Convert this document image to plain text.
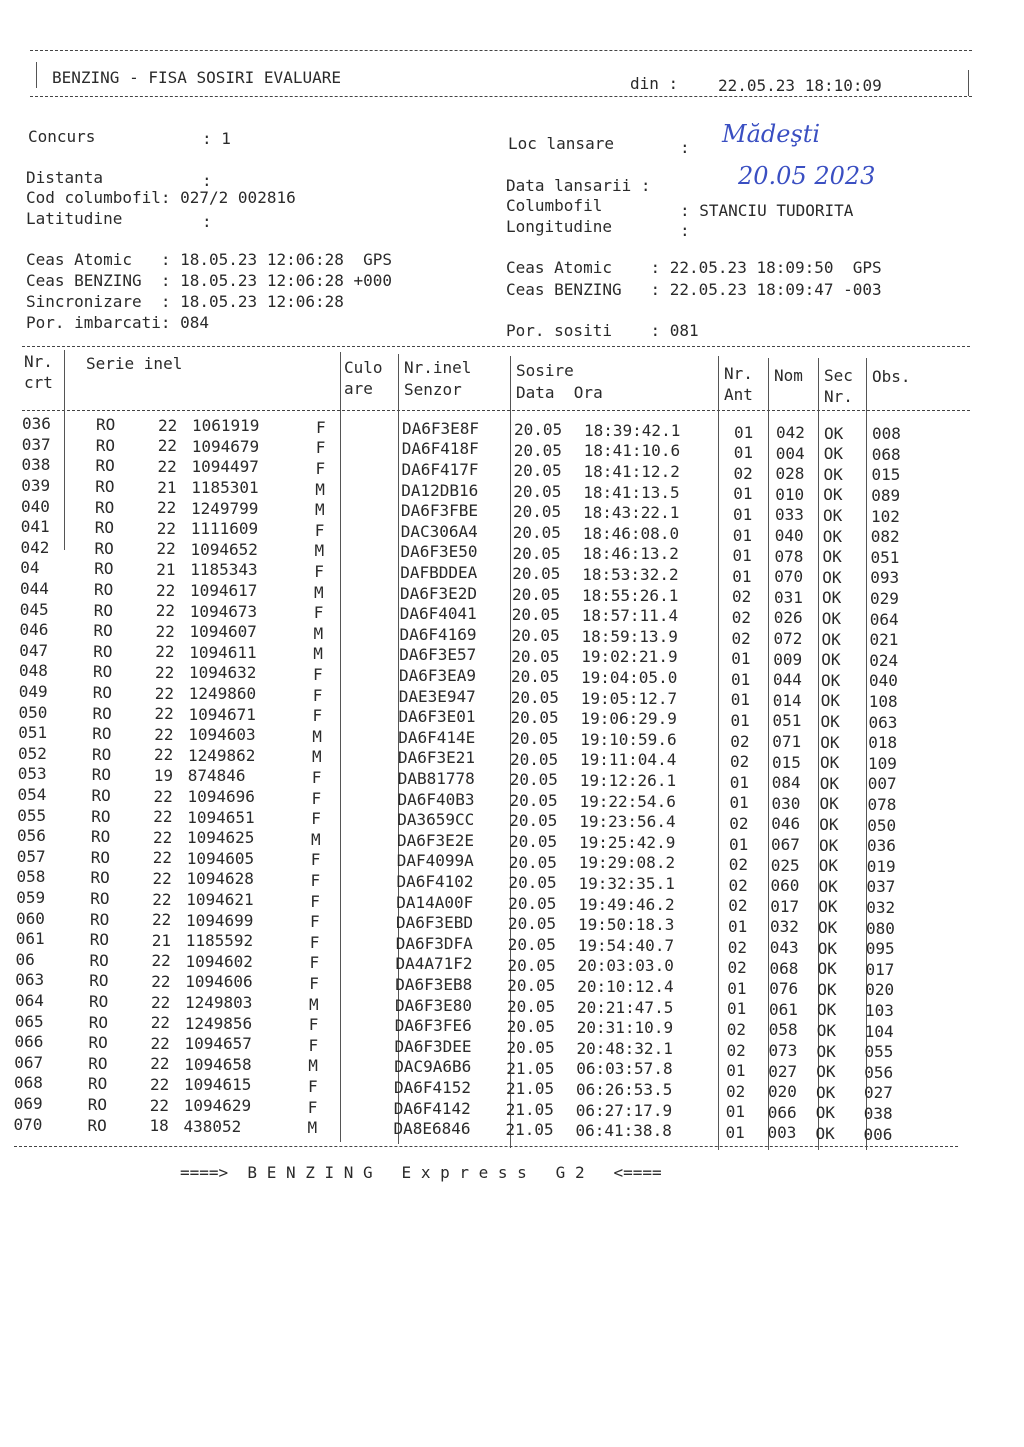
BENZING - FISA SOSIRI EVALUARE	din : 22.05.23 18:10:09
Concurs	: 1	Loc lansare	: Mădeşti
Distanta	:
Cod columbofil: 027/2 002816
Latitudine	:
Data lansarii :	20.05 2023
Columbofil	: STANCIU TUDORITA
Longitudine	:
Ceas Atomic   : 18.05.23 12:06:28  GPS
Ceas BENZING  : 18.05.23 12:06:28 +000
Sincronizare  : 18.05.23 12:06:28
Por. imbarcati: 084
Ceas Atomic    : 22.05.23 18:09:50  GPS
Ceas BENZING   : 22.05.23 18:09:47 -003
Por. sositi    : 081
Nr.
crt
Serie inel	Culo
are
Nr.inel
Senzor
Sosire
Data  Ora
Nr.
Ant
Nom Sec
Nr.
Obs.
036	RO	22 1061919	F	DA6F3E8F 20.05 18:39:42.1	01 042 OK 008
037	RO	22 1094679	F	DA6F418F 20.05 18:41:10.6	01 004 OK 068
038	RO	22 1094497	F	DA6F417F 20.05 18:41:12.2	02 028 OK 015
039	RO	21 1185301	M	DA12DB16 20.05 18:41:13.5	01 010 OK 089
040	RO	22 1249799	M	DA6F3FBE 20.05 18:43:22.1	01 033 OK 102
041	RO	22 1111609	F	DAC306A4 20.05 18:46:08.0	01 040 OK 082
042	RO	22 1094652	M	DA6F3E50 20.05 18:46:13.2	01 078 OK 051
04	RO	21 1185343	F	DAFBDDEA 20.05 18:53:32.2	01 070 OK 093
044	RO	22 1094617	M	DA6F3E2D 20.05 18:55:26.1	02 031 OK 029
045	RO	22 1094673	F	DA6F4041 20.05 18:57:11.4	02 026 OK 064
046	RO	22 1094607	M	DA6F4169 20.05 18:59:13.9	02 072 OK 021
047	RO	22 1094611	M	DA6F3E57 20.05 19:02:21.9	01 009 OK 024
048	RO	22 1094632	F	DA6F3EA9 20.05 19:04:05.0	01 044 OK 040
049	RO	22 1249860	F	DAE3E947 20.05 19:05:12.7	01 014 OK 108
050	RO	22 1094671	F	DA6F3E01 20.05 19:06:29.9	01 051 OK 063
051	RO	22 1094603	M	DA6F414E 20.05 19:10:59.6	02 071 OK 018
052	RO	22 1249862	M	DA6F3E21 20.05 19:11:04.4	02 015 OK 109
053	RO	19 874846	F	DAB81778 20.05 19:12:26.1	01 084 OK 007
054	RO	22 1094696	F	DA6F40B3 20.05 19:22:54.6	01 030 OK 078
055	RO	22 1094651	F	DA3659CC 20.05 19:23:56.4	02 046 OK 050
056	RO	22 1094625	M	DA6F3E2E 20.05 19:25:42.9	01 067 OK 036
057	RO	22 1094605	F	DAF4099A 20.05 19:29:08.2	02 025 OK 019
058	RO	22 1094628	F	DA6F4102 20.05 19:32:35.1	02 060 OK 037
059	RO	22 1094621	F	DA14A00F 20.05 19:49:46.2	02 017 OK 032
060	RO	22 1094699	F	DA6F3EBD 20.05 19:50:18.3	01 032 OK 080
061	RO	21 1185592	F	DA6F3DFA 20.05 19:54:40.7	02 043 OK 095
06	RO	22 1094602	F	DA4A71F2 20.05 20:03:03.0	02 068 OK 017
063	RO	22 1094606	F	DA6F3EB8 20.05 20:10:12.4	01 076 OK 020
064	RO	22 1249803	M	DA6F3E80 20.05 20:21:47.5	01 061 OK 103
065	RO	22 1249856	F	DA6F3FE6 20.05 20:31:10.9	02 058 OK 104
066	RO	22 1094657	F	DA6F3DEE 20.05 20:48:32.1	02 073 OK 055
067	RO	22 1094658	M	DAC9A6B6 21.05 06:03:57.8	01 027 OK 056
068	RO	22 1094615	F	DA6F4152 21.05 06:26:53.5	02 020 OK 027
069	RO	22 1094629	F	DA6F4142 21.05 06:27:17.9	01 066 OK 038
070	RO	18 438052	M	DA8E6846 21.05 06:41:38.8	01 003 OK 006
====>  B E N Z I N G   E x p r e s s   G 2   <====
